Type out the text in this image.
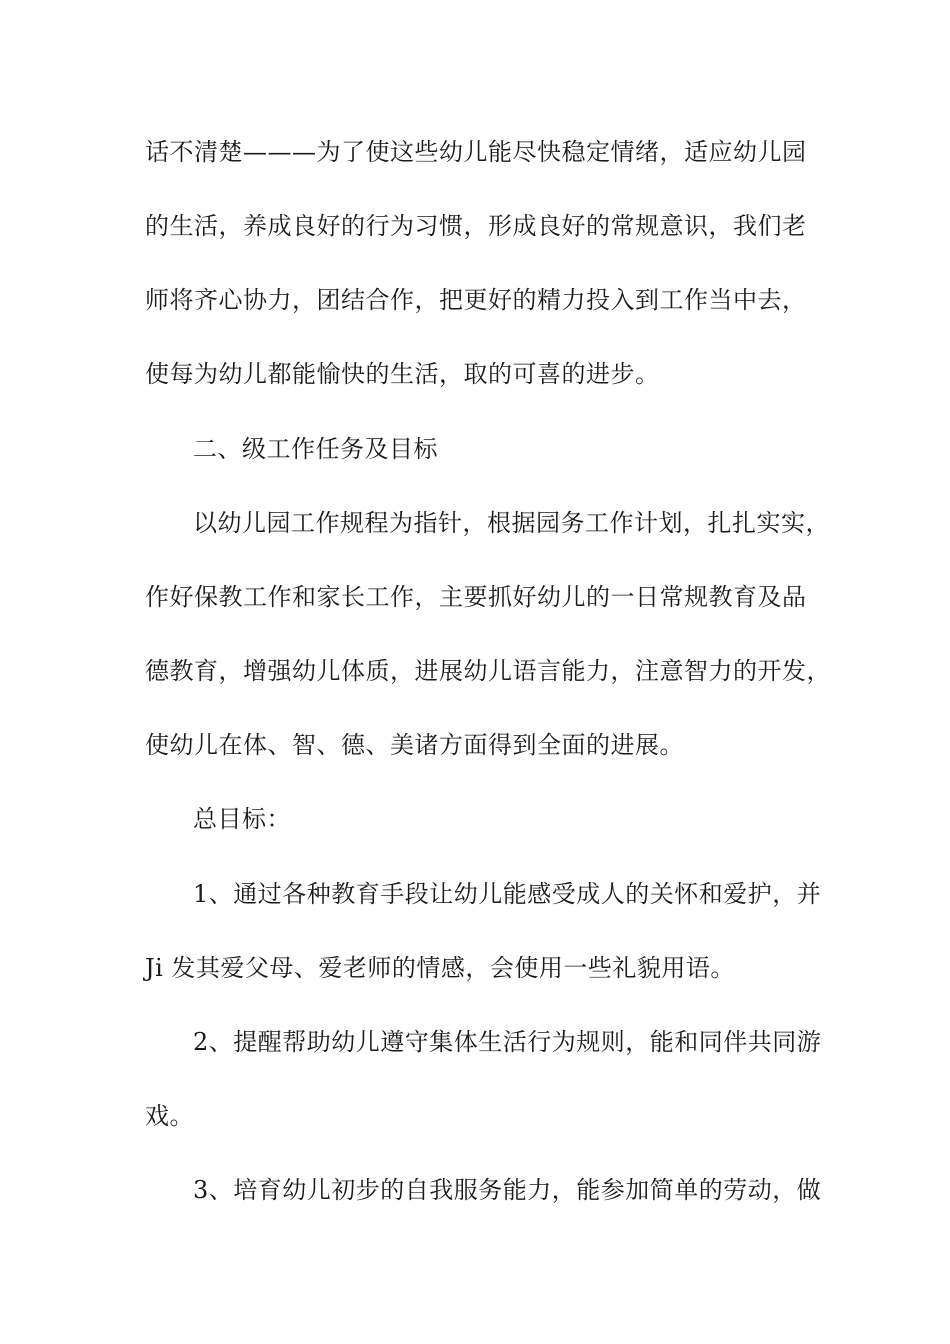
话不清楚———为了使这些幼儿能尽快稳定情绪，适应幼儿园
的生活，养成良好的行为习惯，形成良好的常规意识，我们老
师将齐心协力，团结合作，把更好的精力投入到工作当中去，
使每为幼儿都能愉快的生活，取的可喜的进步。
二、级工作任务及目标
以幼儿园工作规程为指针，根据园务工作计划，扎扎实实，
作好保教工作和家长工作，主要抓好幼儿的一日常规教育及品
德教育，增强幼儿体质，进展幼儿语言能力，注意智力的开发，
使幼儿在体、智、德、美诸方面得到全面的进展。
总目标：
1、通过各种教育手段让幼儿能感受成人的关怀和爱护，并
Ji 发其爱父母、爱老师的情感，会使用一些礼貌用语。
2、提醒帮助幼儿遵守集体生活行为规则，能和同伴共同游
戏。
3、培育幼儿初步的自我服务能力，能参加简单的劳动，做
